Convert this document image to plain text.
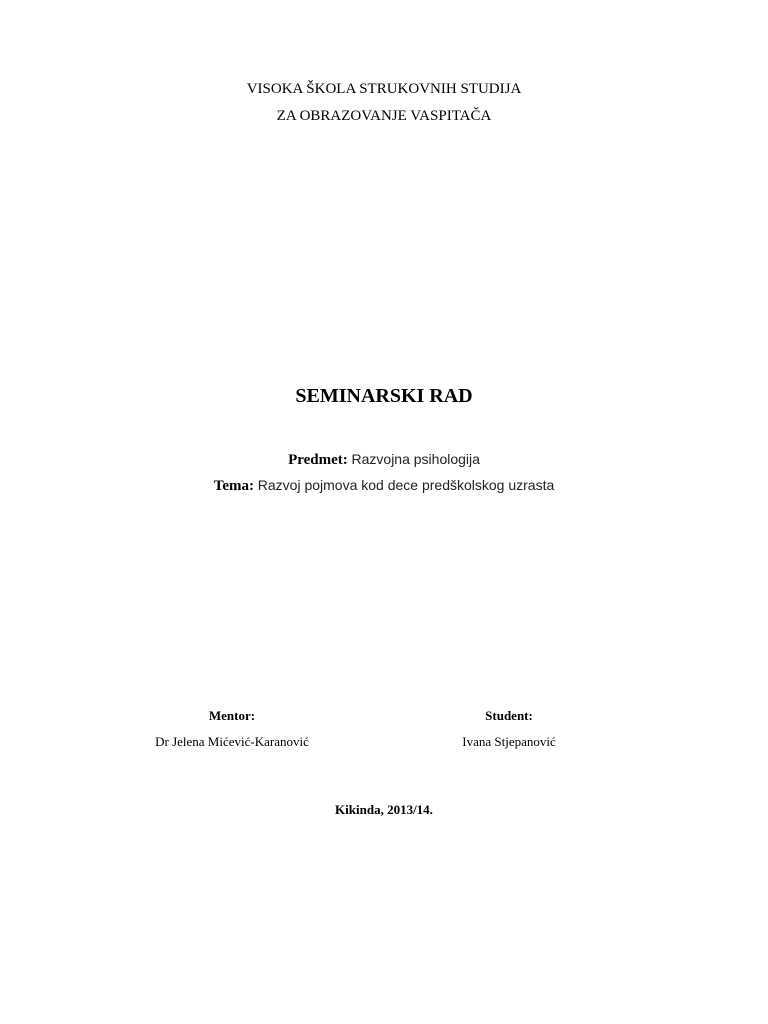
VISOKA ŠKOLA STRUKOVNIH STUDIJA
ZA OBRAZOVANJE VASPITAČA
SEMINARSKI RAD
Predmet: Razvojna psihologija
Tema: Razvoj pojmova kod dece predškolskog uzrasta
Mentor:
Dr Jelena Mićević-Karanović
Student:
Ivana Stjepanović
Kikinda, 2013/14.
